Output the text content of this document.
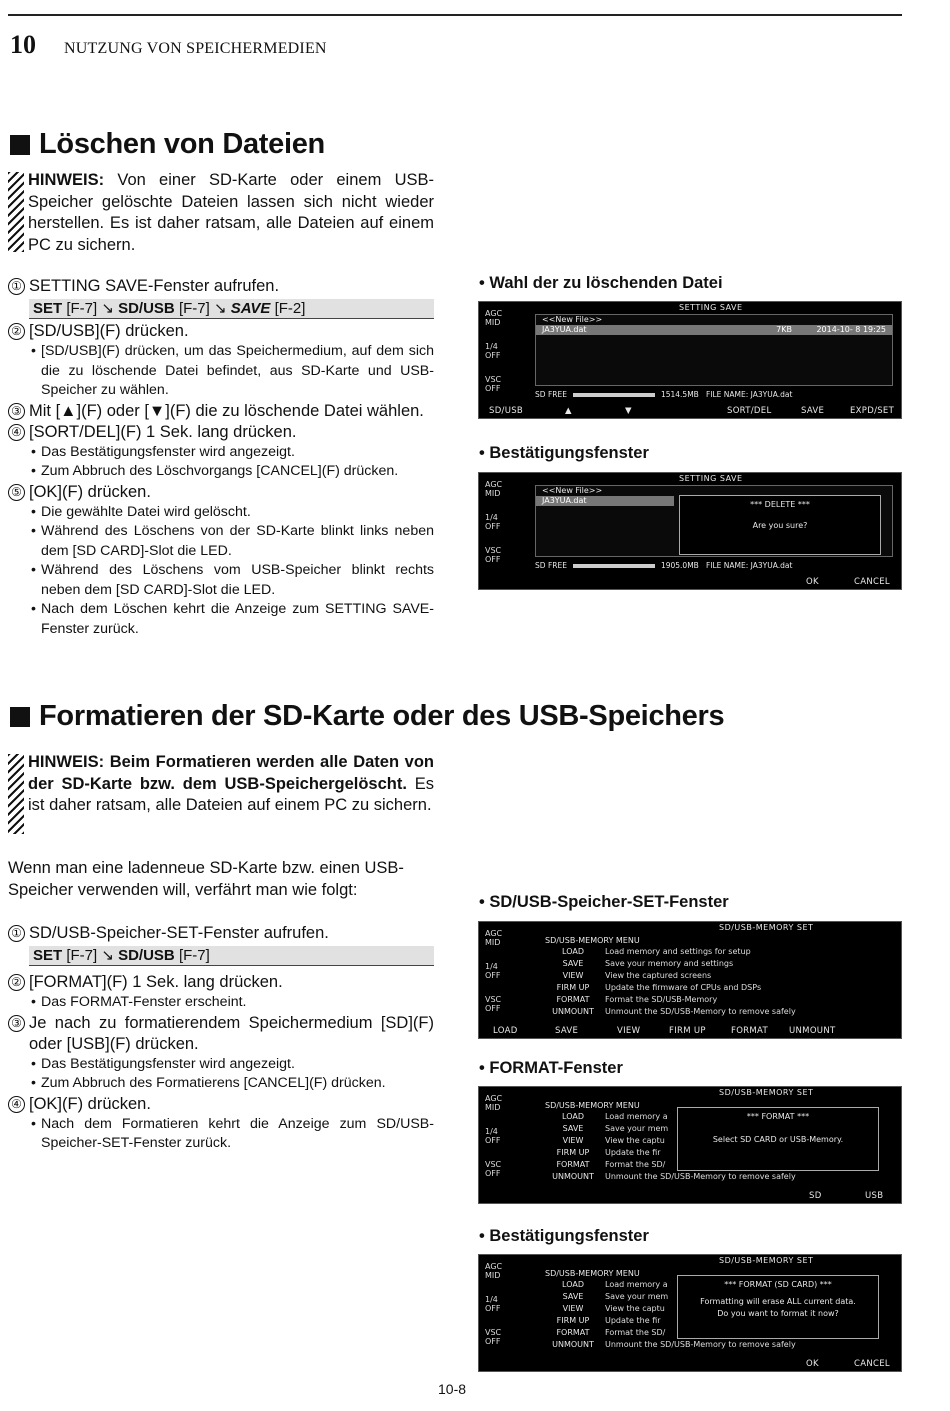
10 NUTZUNG VON SPEICHERMEDIEN
Löschen von Dateien
HINWEIS: Von einer SD-Karte oder einem USB-Speicher gelöschte Dateien lassen sich nicht wieder herstellen. Es ist daher ratsam, alle Dateien auf einem PC zu sichern.
① SETTING SAVE-Fenster aufrufen.
SET [F-7] ↘ SD/USB [F-7] ↘ SAVE [F-2]
② [SD/USB](F) drücken.
• [SD/USB](F) drücken, um das Speichermedium, auf dem sich die zu löschende Datei befindet, aus SD-Karte und USB-Speicher zu wählen.
③ Mit [▲](F) oder [▼](F) die zu löschende Datei wählen.
④ [SORT/DEL](F) 1 Sek. lang drücken.
• Das Bestätigungsfenster wird angezeigt.
• Zum Abbruch des Löschvorgangs [CANCEL](F) drücken.
⑤ [OK](F) drücken.
• Die gewählte Datei wird gelöscht.
• Während des Löschens von der SD-Karte blinkt links neben dem [SD CARD]-Slot die LED.
• Während des Löschens vom USB-Speicher blinkt rechts neben dem [SD CARD]-Slot die LED.
• Nach dem Löschen kehrt die Anzeige zum SETTING SAVE-Fenster zurück.
• Wahl der zu löschenden Datei
SETTING SAVE
AGC
MID
1/4
OFF
VSC
OFF
<<New File>>
JA3YUA.dat	7KB	2014-10- 8 19:25
SD FREE	1514.5MB FILE NAME: JA3YUA.dat
SD/USB	▲	▼	SORT/DEL	SAVE	EXPD/SET
• Bestätigungsfenster
SETTING SAVE
AGC
MID
1/4
OFF
VSC
OFF
<<New File>>
JA3YUA.dat	*** DELETE ***
Are you sure?
SD FREE	1905.0MB FILE NAME: JA3YUA.dat
OK	CANCEL
Formatieren der SD-Karte oder des USB-Speichers
HINWEIS: Beim Formatieren werden alle Daten von der SD-Karte bzw. dem USB-Speichergelöscht. Es ist daher ratsam, alle Dateien auf einem PC zu sichern.
Wenn man eine ladenneue SD-Karte bzw. einen USB-Speicher verwenden will, verfährt man wie folgt:
① SD/USB-Speicher-SET-Fenster aufrufen.
SET [F-7] ↘ SD/USB [F-7]
② [FORMAT](F) 1 Sek. lang drücken.
• Das FORMAT-Fenster erscheint.
③ Je nach zu formatierendem Speichermedium [SD](F) oder [USB](F) drücken.
• Das Bestätigungsfenster wird angezeigt.
• Zum Abbruch des Formatierens [CANCEL](F) drücken.
④ [OK](F) drücken.
• Nach dem Formatieren kehrt die Anzeige zum SD/USB-Speicher-SET-Fenster zurück.
• SD/USB-Speicher-SET-Fenster
SD/USB-MEMORY SET
AGC
MID
1/4
OFF
VSC
OFF
SD/USB-MEMORY MENU
LOAD	Load memory and settings for setup
SAVE	Save your memory and settings
VIEW	View the captured screens
FIRM UP Update the firmware of CPUs and DSPs
FORMAT Format the SD/USB-Memory
UNMOUNT Unmount the SD/USB-Memory to remove safely
LOAD	SAVE	VIEW	FIRM UP	FORMAT UNMOUNT
• FORMAT-Fenster
SD/USB-MEMORY SET
AGC
MID
1/4
OFF
VSC
OFF
SD/USB-MEMORY MENU
LOAD	Load memory a
SAVE	Save your mem
VIEW	View the captu
FIRM UP Update the fir
FORMAT Format the SD/
UNMOUNT Unmount the SD/USB-Memory to remove safely
*** FORMAT ***
Select SD CARD or USB-Memory.
SD	USB
• Bestätigungsfenster
SD/USB-MEMORY SET
AGC
MID
1/4
OFF
VSC
OFF
SD/USB-MEMORY MENU
LOAD	Load memory a
SAVE	Save your mem
VIEW	View the captu
FIRM UP Update the fir
FORMAT Format the SD/
UNMOUNT Unmount the SD/USB-Memory to remove safely
*** FORMAT (SD CARD) ***
Formatting will erase ALL current data.
Do you want to format it now?
OK	CANCEL
10-8
